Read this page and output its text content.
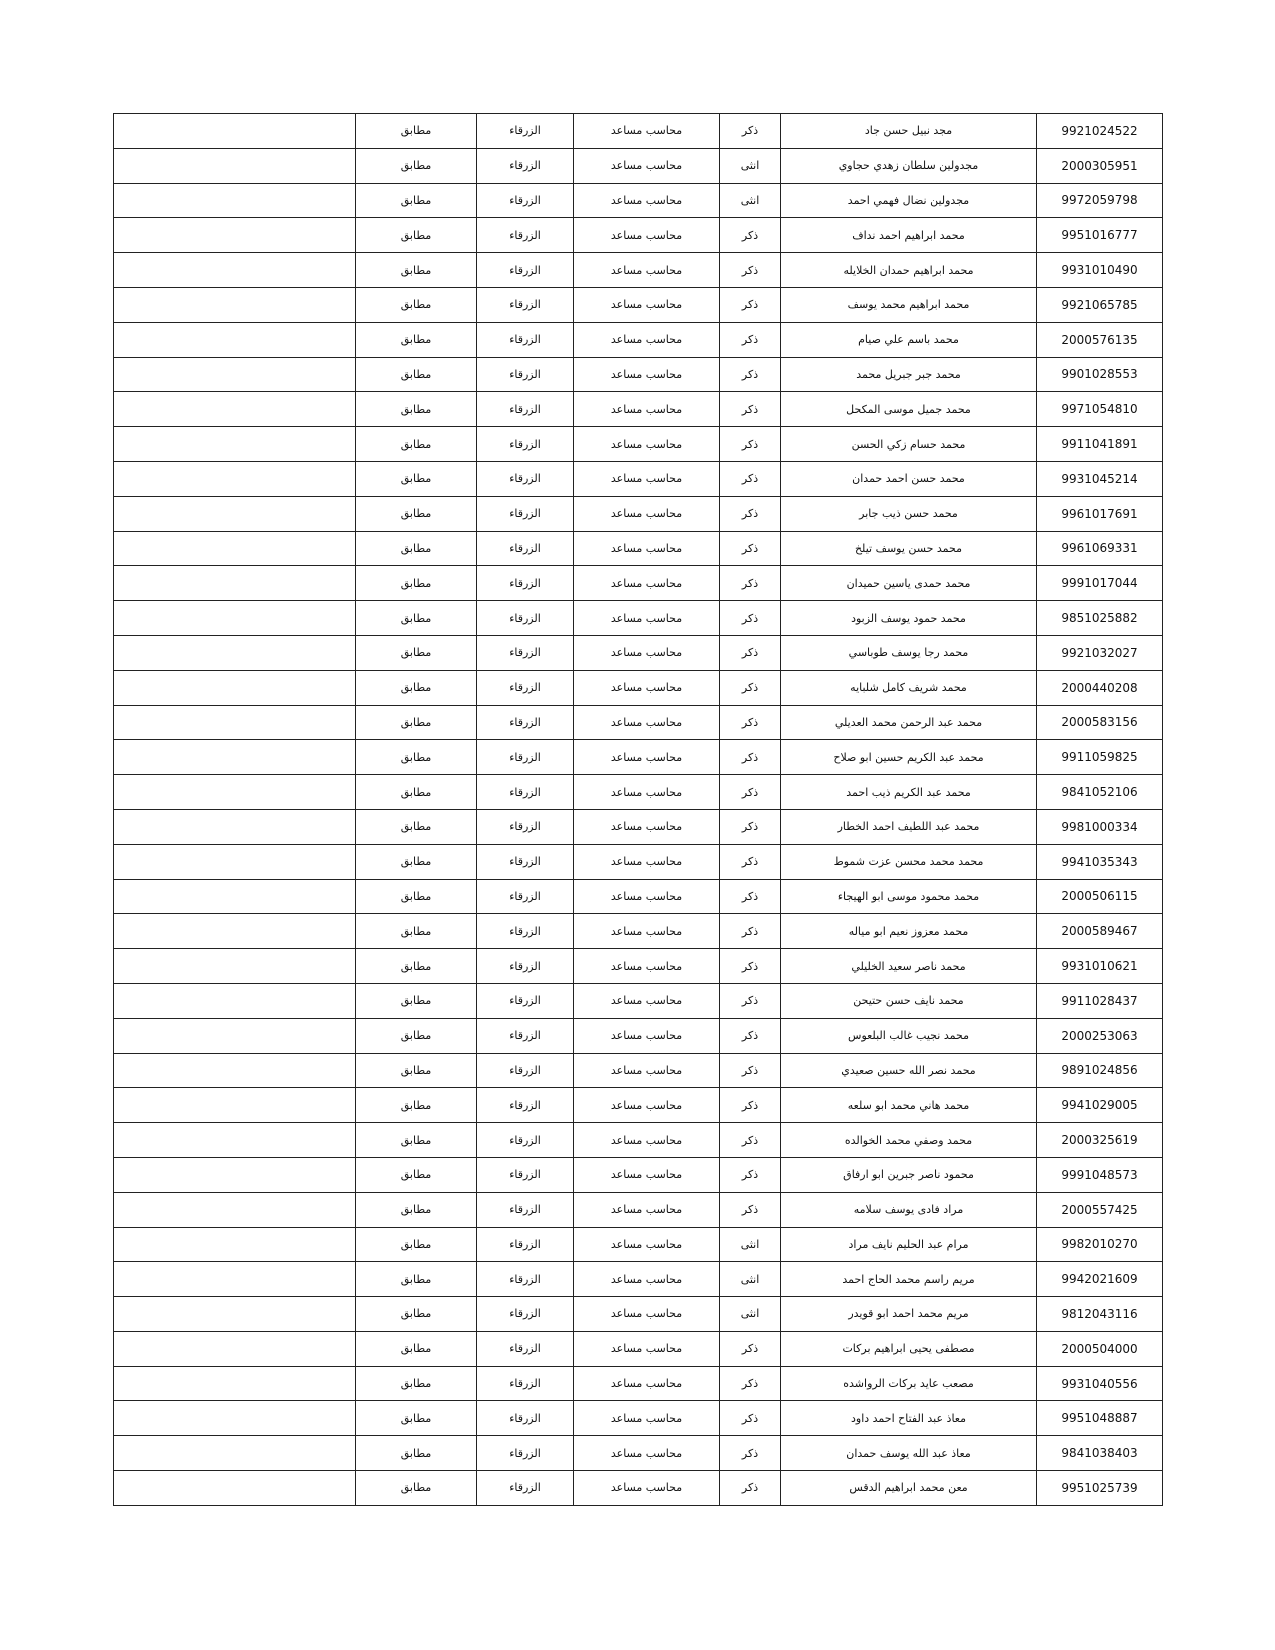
	مطابق	الزرقاء	محاسب مساعد	ذكر	مجد نبيل حسن جاد	9921024522
	مطابق	الزرقاء	محاسب مساعد	انثى	مجدولين سلطان زهدي حجاوي	2000305951
	مطابق	الزرقاء	محاسب مساعد	انثى	مجدولين نضال فهمي احمد	9972059798
	مطابق	الزرقاء	محاسب مساعد	ذكر	محمد ابراهيم احمد نداف	9951016777
	مطابق	الزرقاء	محاسب مساعد	ذكر	محمد ابراهيم حمدان الخلايله	9931010490
	مطابق	الزرقاء	محاسب مساعد	ذكر	محمد ابراهيم محمد يوسف	9921065785
	مطابق	الزرقاء	محاسب مساعد	ذكر	محمد باسم علي صيام	2000576135
	مطابق	الزرقاء	محاسب مساعد	ذكر	محمد جبر جبريل محمد	9901028553
	مطابق	الزرقاء	محاسب مساعد	ذكر	محمد جميل موسى المكحل	9971054810
	مطابق	الزرقاء	محاسب مساعد	ذكر	محمد حسام زكي الحسن	9911041891
	مطابق	الزرقاء	محاسب مساعد	ذكر	محمد حسن احمد حمدان	9931045214
	مطابق	الزرقاء	محاسب مساعد	ذكر	محمد حسن ذيب جابر	9961017691
	مطابق	الزرقاء	محاسب مساعد	ذكر	محمد حسن يوسف تيلخ	9961069331
	مطابق	الزرقاء	محاسب مساعد	ذكر	محمد حمدى ياسين حميدان	9991017044
	مطابق	الزرقاء	محاسب مساعد	ذكر	محمد حمود يوسف الزبود	9851025882
	مطابق	الزرقاء	محاسب مساعد	ذكر	محمد رجا يوسف طوباسي	9921032027
	مطابق	الزرقاء	محاسب مساعد	ذكر	محمد شريف كامل شلبايه	2000440208
	مطابق	الزرقاء	محاسب مساعد	ذكر	محمد عبد الرحمن محمد العديلي	2000583156
	مطابق	الزرقاء	محاسب مساعد	ذكر	محمد عبد الكريم حسين ابو صلاح	9911059825
	مطابق	الزرقاء	محاسب مساعد	ذكر	محمد عبد الكريم ذيب احمد	9841052106
	مطابق	الزرقاء	محاسب مساعد	ذكر	محمد عبد اللطيف احمد الخطار	9981000334
	مطابق	الزرقاء	محاسب مساعد	ذكر	محمد محمد محسن عزت شموط	9941035343
	مطابق	الزرقاء	محاسب مساعد	ذكر	محمد محمود موسى ابو الهيجاء	2000506115
	مطابق	الزرقاء	محاسب مساعد	ذكر	محمد معزوز نعيم ابو مياله	2000589467
	مطابق	الزرقاء	محاسب مساعد	ذكر	محمد ناصر سعيد الخليلي	9931010621
	مطابق	الزرقاء	محاسب مساعد	ذكر	محمد نايف حسن حتيحن	9911028437
	مطابق	الزرقاء	محاسب مساعد	ذكر	محمد نجيب غالب البلعوس	2000253063
	مطابق	الزرقاء	محاسب مساعد	ذكر	محمد نصر الله حسين صعيدي	9891024856
	مطابق	الزرقاء	محاسب مساعد	ذكر	محمد هاني محمد ابو سلعه	9941029005
	مطابق	الزرقاء	محاسب مساعد	ذكر	محمد وصفي محمد الخوالده	2000325619
	مطابق	الزرقاء	محاسب مساعد	ذكر	محمود ناصر جبرين ابو ارفاق	9991048573
	مطابق	الزرقاء	محاسب مساعد	ذكر	مراد فادى يوسف سلامه	2000557425
	مطابق	الزرقاء	محاسب مساعد	انثى	مرام عبد الحليم نايف مراد	9982010270
	مطابق	الزرقاء	محاسب مساعد	انثى	مريم راسم محمد الحاج احمد	9942021609
	مطابق	الزرقاء	محاسب مساعد	انثى	مريم محمد احمد ابو قويدر	9812043116
	مطابق	الزرقاء	محاسب مساعد	ذكر	مصطفى يحيى ابراهيم بركات	2000504000
	مطابق	الزرقاء	محاسب مساعد	ذكر	مصعب عايد بركات الرواشده	9931040556
	مطابق	الزرقاء	محاسب مساعد	ذكر	معاذ عبد الفتاح احمد داود	9951048887
	مطابق	الزرقاء	محاسب مساعد	ذكر	معاذ عبد الله يوسف حمدان	9841038403
	مطابق	الزرقاء	محاسب مساعد	ذكر	معن محمد ابراهيم الدقس	9951025739
